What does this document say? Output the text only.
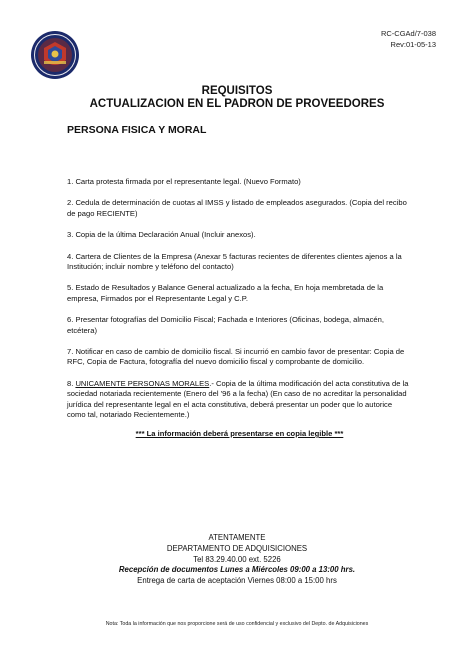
RC-CGAd/7-038
Rev:01-05-13
REQUISITOS
ACTUALIZACION EN EL PADRON DE PROVEEDORES
PERSONA FISICA Y MORAL
1. Carta protesta firmada por el representante legal. (Nuevo Formato)
2. Cedula de determinación de cuotas al IMSS y listado de empleados asegurados. (Copia del recibo de pago RECIENTE)
3. Copia de la última Declaración Anual (Incluir anexos).
4. Cartera de Clientes de la Empresa (Anexar 5 facturas recientes de diferentes clientes ajenos a la Institución; incluir nombre y teléfono del contacto)
5. Estado de Resultados y Balance General actualizado a la fecha, En hoja membretada de la empresa, Firmados por el Representante Legal y C.P.
6. Presentar fotografías del Domicilio Fiscal; Fachada e Interiores (Oficinas, bodega, almacén, etcétera)
7. Notificar en caso de cambio de domicilio fiscal. Si incurrió en cambio favor de presentar: Copia de RFC, Copia de Factura, fotografía del nuevo domicilio fiscal y comprobante de domicilio.
8. UNICAMENTE PERSONAS MORALES.- Copia de la última modificación del acta constitutiva de la sociedad notariada recientemente (Enero del '96 a la fecha) (En caso de no acreditar la personalidad jurídica del representante legal en el acta constitutiva, deberá presentar un poder que lo autorice como tal, notariado Recientemente.)
*** La información deberá presentarse en copia legible ***
ATENTAMENTE
DEPARTAMENTO DE ADQUISICIONES
Tel 83.29.40.00 ext. 5226
Recepción de documentos Lunes a Miércoles 09:00 a 13:00 hrs.
Entrega de carta de aceptación Viernes 08:00 a 15:00 hrs
Nota: Toda la información que nos proporcione será de uso confidencial y exclusivo del Depto. de Adquisiciones
